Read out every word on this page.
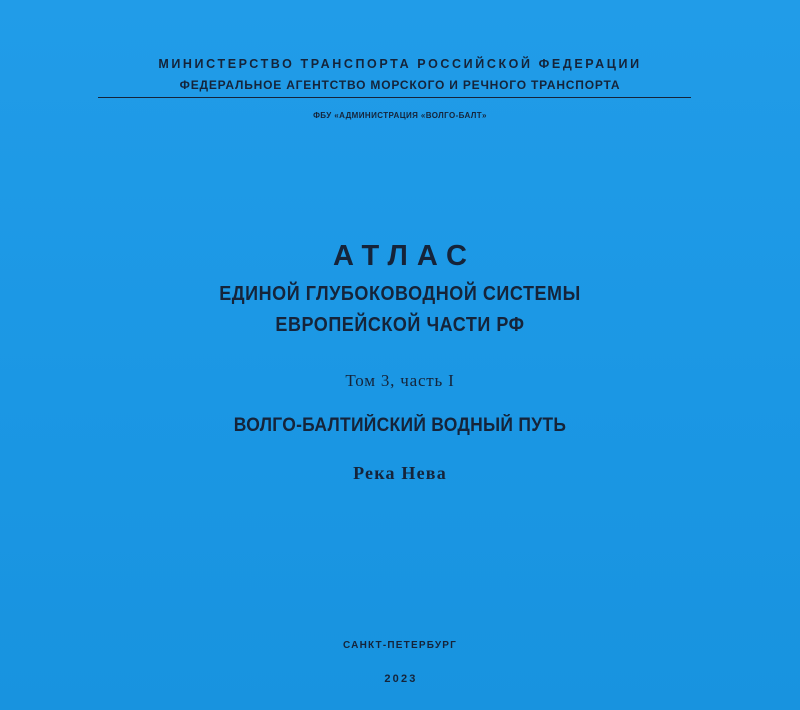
МИНИСТЕРСТВО ТРАНСПОРТА РОССИЙСКОЙ ФЕДЕРАЦИИ
ФЕДЕРАЛЬНОЕ АГЕНТСТВО МОРСКОГО И РЕЧНОГО ТРАНСПОРТА
ФБУ «АДМИНИСТРАЦИЯ «ВОЛГО-БАЛТ»
АТЛАС
ЕДИНОЙ ГЛУБОКОВОДНОЙ СИСТЕМЫ
ЕВРОПЕЙСКОЙ ЧАСТИ РФ
Том 3, часть I
ВОЛГО-БАЛТИЙСКИЙ ВОДНЫЙ ПУТЬ
Река Нева
САНКТ-ПЕТЕРБУРГ
2023
